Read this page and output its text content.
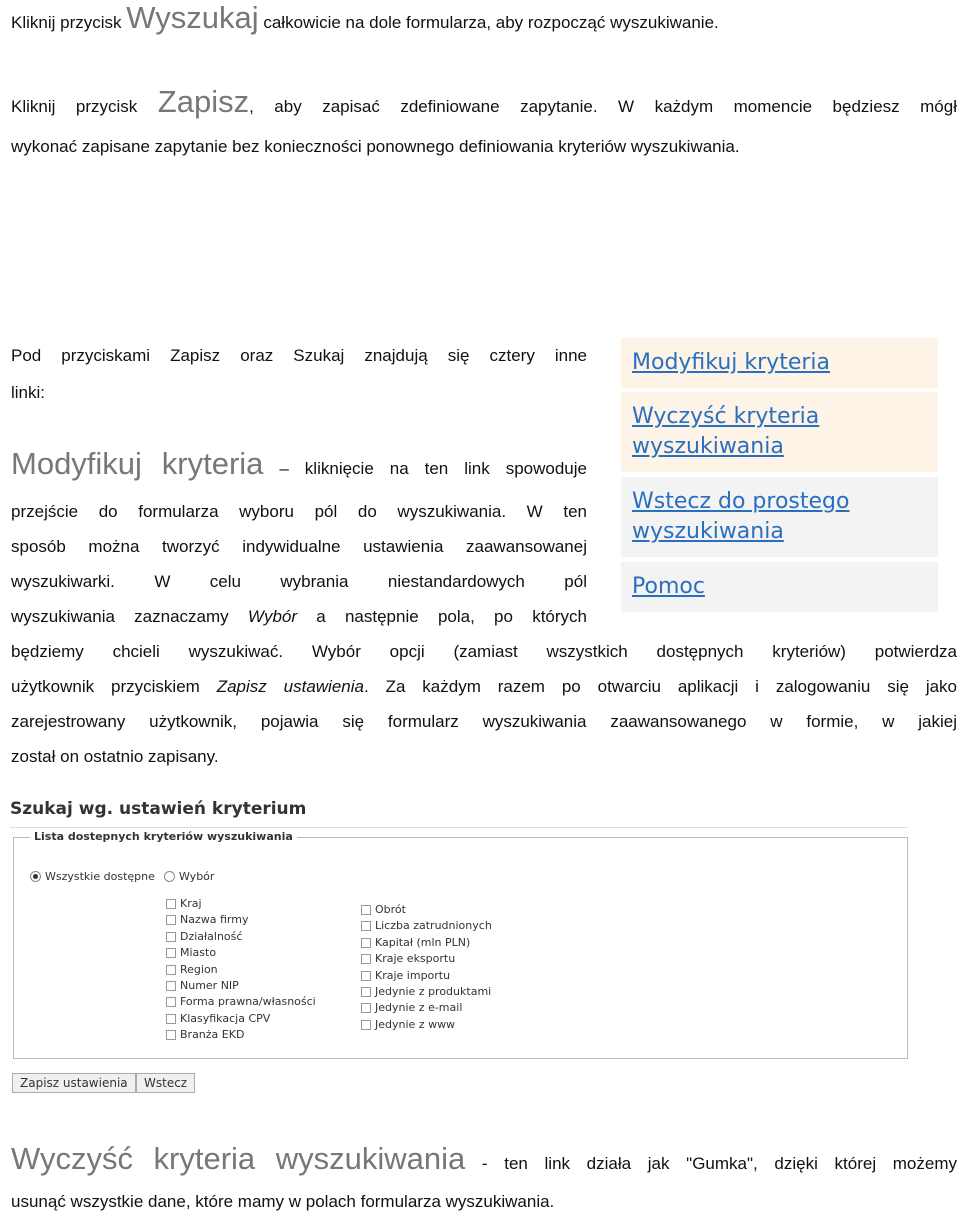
Kliknij przycisk Wyszukaj całkowicie na dole formularza, aby rozpocząć wyszukiwanie.
Kliknij przycisk Zapisz, aby zapisać zdefiniowane zapytanie. W każdym momencie będziesz mógł
wykonać zapisane zapytanie bez konieczności ponownego definiowania kryteriów wyszukiwania.
Pod przyciskami Zapisz oraz Szukaj znajdują się cztery inne
linki:
Modyfikuj kryteria – kliknięcie na ten link spowoduje
przejście do formularza wyboru pól do wyszukiwania. W ten
sposób można tworzyć indywidualne ustawienia zaawansowanej
wyszukiwarki. W celu wybrania niestandardowych pól
wyszukiwania zaznaczamy Wybór a następnie pola, po których
będziemy chcieli wyszukiwać. Wybór opcji (zamiast wszystkich dostępnych kryteriów) potwierdza
użytkownik przyciskiem Zapisz ustawienia. Za każdym razem po otwarciu aplikacji i zalogowaniu się jako
zarejestrowany użytkownik, pojawia się formularz wyszukiwania zaawansowanego w formie, w jakiej
został on ostatnio zapisany.
Modyfikuj kryteria
Wyczyść kryteria
wyszukiwania
Wstecz do prostego
wyszukiwania
Pomoc
Szukaj wg. ustawień kryterium
Lista dostepnych kryteriów wyszukiwania
Wszystkie dostępne	Wybór
Kraj
Nazwa firmy
Działalność
Miasto
Region
Numer NIP
Forma prawna/własności
Klasyfikacja CPV
Branża EKD
Obrót
Liczba zatrudnionych
Kapitał (mln PLN)
Kraje eksportu
Kraje importu
Jedynie z produktami
Jedynie z e-mail
Jedynie z www
Zapisz ustawienia	Wstecz
Wyczyść kryteria wyszukiwania - ten link działa jak "Gumka", dzięki której możemy
usunąć wszystkie dane, które mamy w polach formularza wyszukiwania.
